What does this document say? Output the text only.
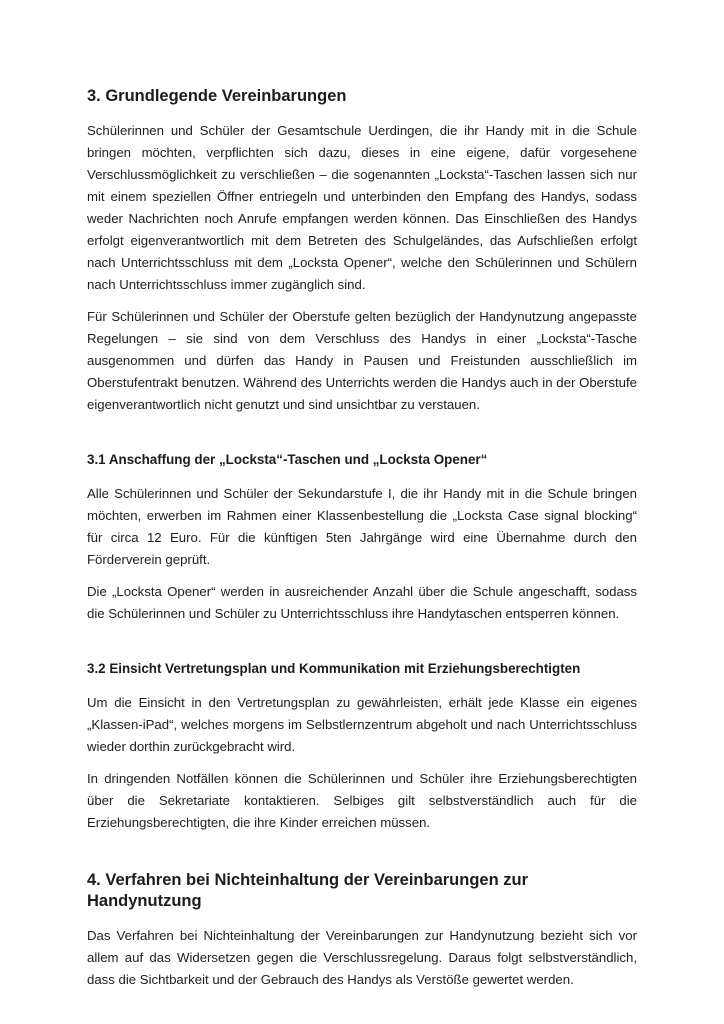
3. Grundlegende Vereinbarungen

Schülerinnen und Schüler der Gesamtschule Uerdingen, die ihr Handy mit in die Schule bringen möchten, verpflichten sich dazu, dieses in eine eigene, dafür vorgesehene Verschlussmöglichkeit zu verschließen – die sogenannten „Locksta“-Taschen lassen sich nur mit einem speziellen Öffner entriegeln und unterbinden den Empfang des Handys, sodass weder Nachrichten noch Anrufe empfangen werden können. Das Einschließen des Handys erfolgt eigenverantwortlich mit dem Betreten des Schulgeländes, das Aufschließen erfolgt nach Unterrichtsschluss mit dem „Locksta Opener“, welche den Schülerinnen und Schülern nach Unterrichtsschluss immer zugänglich sind.

Für Schülerinnen und Schüler der Oberstufe gelten bezüglich der Handynutzung angepasste Regelungen – sie sind von dem Verschluss des Handys in einer „Locksta“-Tasche ausgenommen und dürfen das Handy in Pausen und Freistunden ausschließlich im Oberstufentrakt benutzen. Während des Unterrichts werden die Handys auch in der Oberstufe eigenverantwortlich nicht genutzt und sind unsichtbar zu verstauen.

3.1 Anschaffung der „Locksta“-Taschen und „Locksta Opener“

Alle Schülerinnen und Schüler der Sekundarstufe I, die ihr Handy mit in die Schule bringen möchten, erwerben im Rahmen einer Klassenbestellung die „Locksta Case signal blocking“ für circa 12 Euro. Für die künftigen 5ten Jahrgänge wird eine Übernahme durch den Förderverein geprüft.

Die „Locksta Opener“ werden in ausreichender Anzahl über die Schule angeschafft, sodass die Schülerinnen und Schüler zu Unterrichtsschluss ihre Handytaschen entsperren können.

3.2 Einsicht Vertretungsplan und Kommunikation mit Erziehungsberechtigten

Um die Einsicht in den Vertretungsplan zu gewährleisten, erhält jede Klasse ein eigenes „Klassen-iPad“, welches morgens im Selbstlernzentrum abgeholt und nach Unterrichtsschluss wieder dorthin zurückgebracht wird.

In dringenden Notfällen können die Schülerinnen und Schüler ihre Erziehungsberechtigten über die Sekretariate kontaktieren. Selbiges gilt selbstverständlich auch für die Erziehungsberechtigten, die ihre Kinder erreichen müssen.

4. Verfahren bei Nichteinhaltung der Vereinbarungen zur Handynutzung

Das Verfahren bei Nichteinhaltung der Vereinbarungen zur Handynutzung bezieht sich vor allem auf das Widersetzen gegen die Verschlussregelung. Daraus folgt selbstverständlich, dass die Sichtbarkeit und der Gebrauch des Handys als Verstöße gewertet werden.
